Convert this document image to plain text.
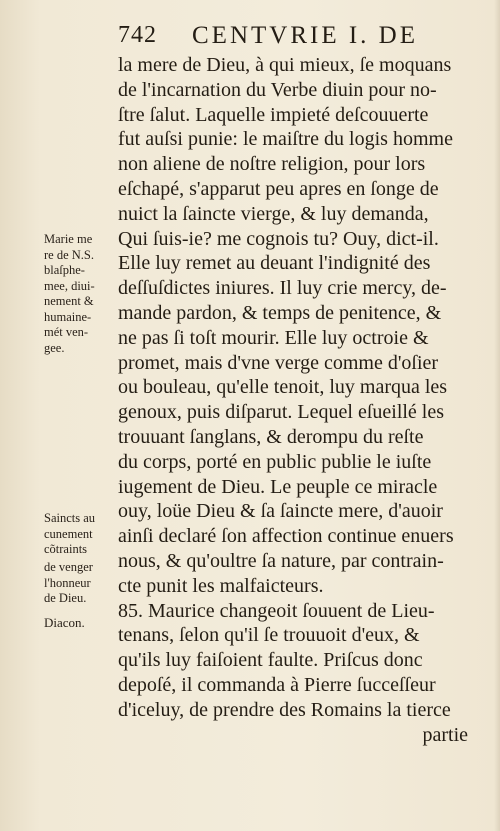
742 CENTVRIE I. DE
Marie me
re de N.S.
blaſphe-
mee, diui-
nement &
humaine-
mét ven-
gee.
Saincts au
cunement
cõtraints
de venger
l'honneur
de Dieu.
Diacon.
la mere de Dieu, à qui mieux, ſe moquans
de l'incarnation du Verbe diuin pour no-
ſtre ſalut. Laquelle impieté deſcouuerte
fut auſsi punie: le maiſtre du logis homme
non aliene de noſtre religion, pour lors
eſchapé, s'apparut peu apres en ſonge de
nuict la ſaincte vierge, & luy demanda,
Qui ſuis-ie? me cognois tu? Ouy, dict-il.
Elle luy remet au deuant l'indignité des
deſſuſdictes iniures. Il luy crie mercy, de-
mande pardon, & temps de penitence, &
ne pas ſi toſt mourir. Elle luy octroie &
promet, mais d'vne verge comme d'oſier
ou bouleau, qu'elle tenoit, luy marqua les
genoux, puis diſparut. Lequel eſueillé les
trouuant ſanglans, & derompu du reſte
du corps, porté en public publie le iuſte
iugement de Dieu. Le peuple ce miracle
ouy, loüe Dieu & ſa ſaincte mere, d'auoir
ainſi declaré ſon affection continue enuers
nous, & qu'oultre ſa nature, par contrain-
cte punit les malfaicteurs.
85. Maurice changeoit ſouuent de Lieu-
tenans, ſelon qu'il ſe trouuoit d'eux, &
qu'ils luy faiſoient faulte. Priſcus donc
depoſé, il commanda à Pierre ſucceſſeur
d'iceluy, de prendre des Romains la tierce
partie
